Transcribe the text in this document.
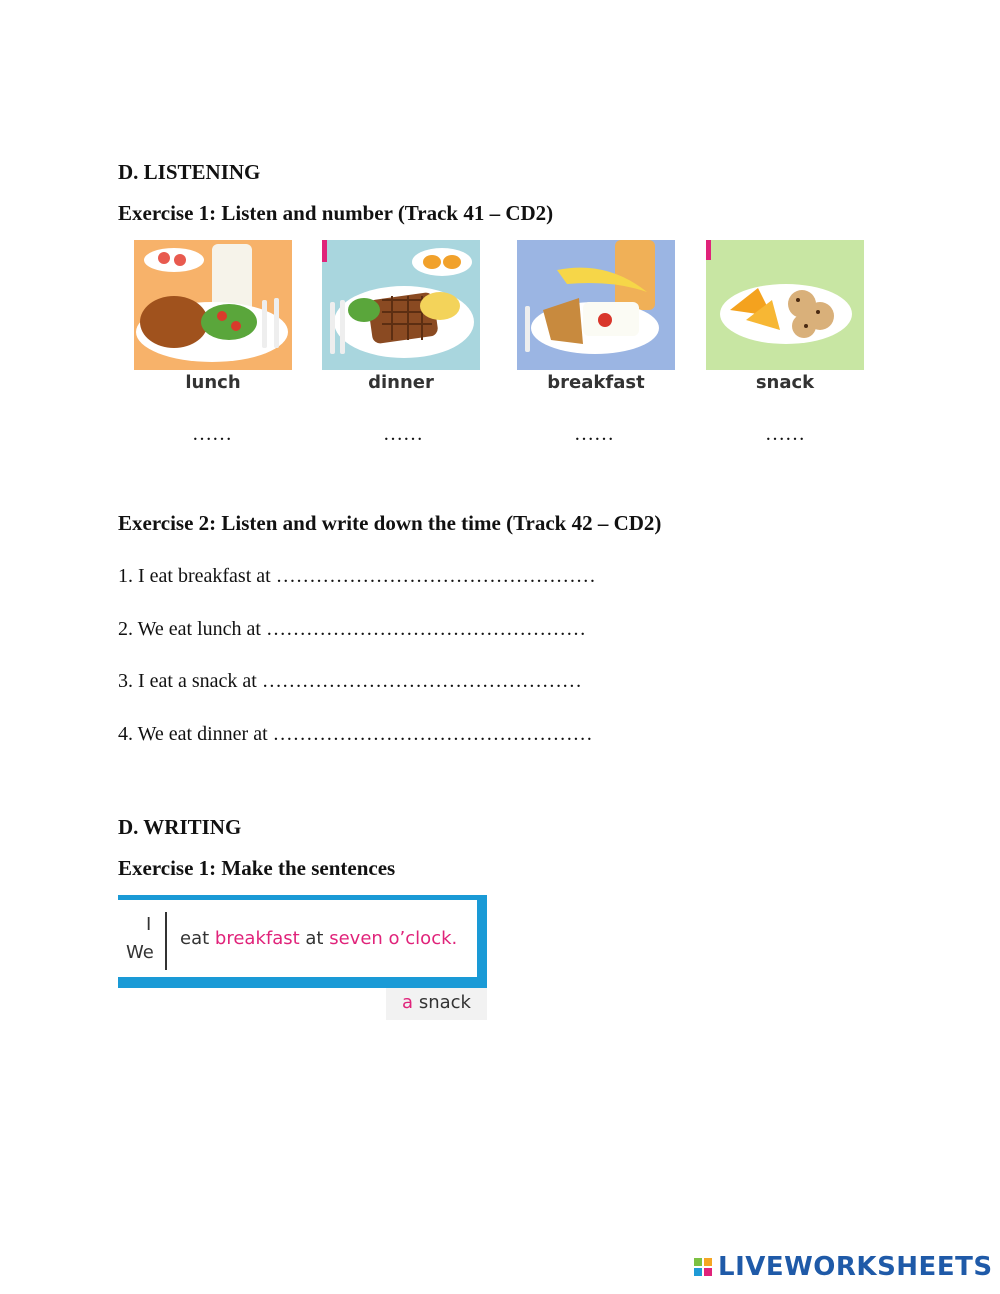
D. LISTENING
Exercise 1: Listen and number (Track 41 – CD2)
lunch	dinner	breakfast	snack
……	……	……	……
Exercise 2: Listen and write down the time (Track 42 – CD2)
1. I eat breakfast at …………………………………………
2. We eat lunch at …………………………………………
3. I eat a snack at …………………………………………
4. We eat dinner at …………………………………………
D. WRITING
Exercise 1: Make the sentences
I
We
eat breakfast at seven o’clock.
a snack
LIVEWORKSHEETS
